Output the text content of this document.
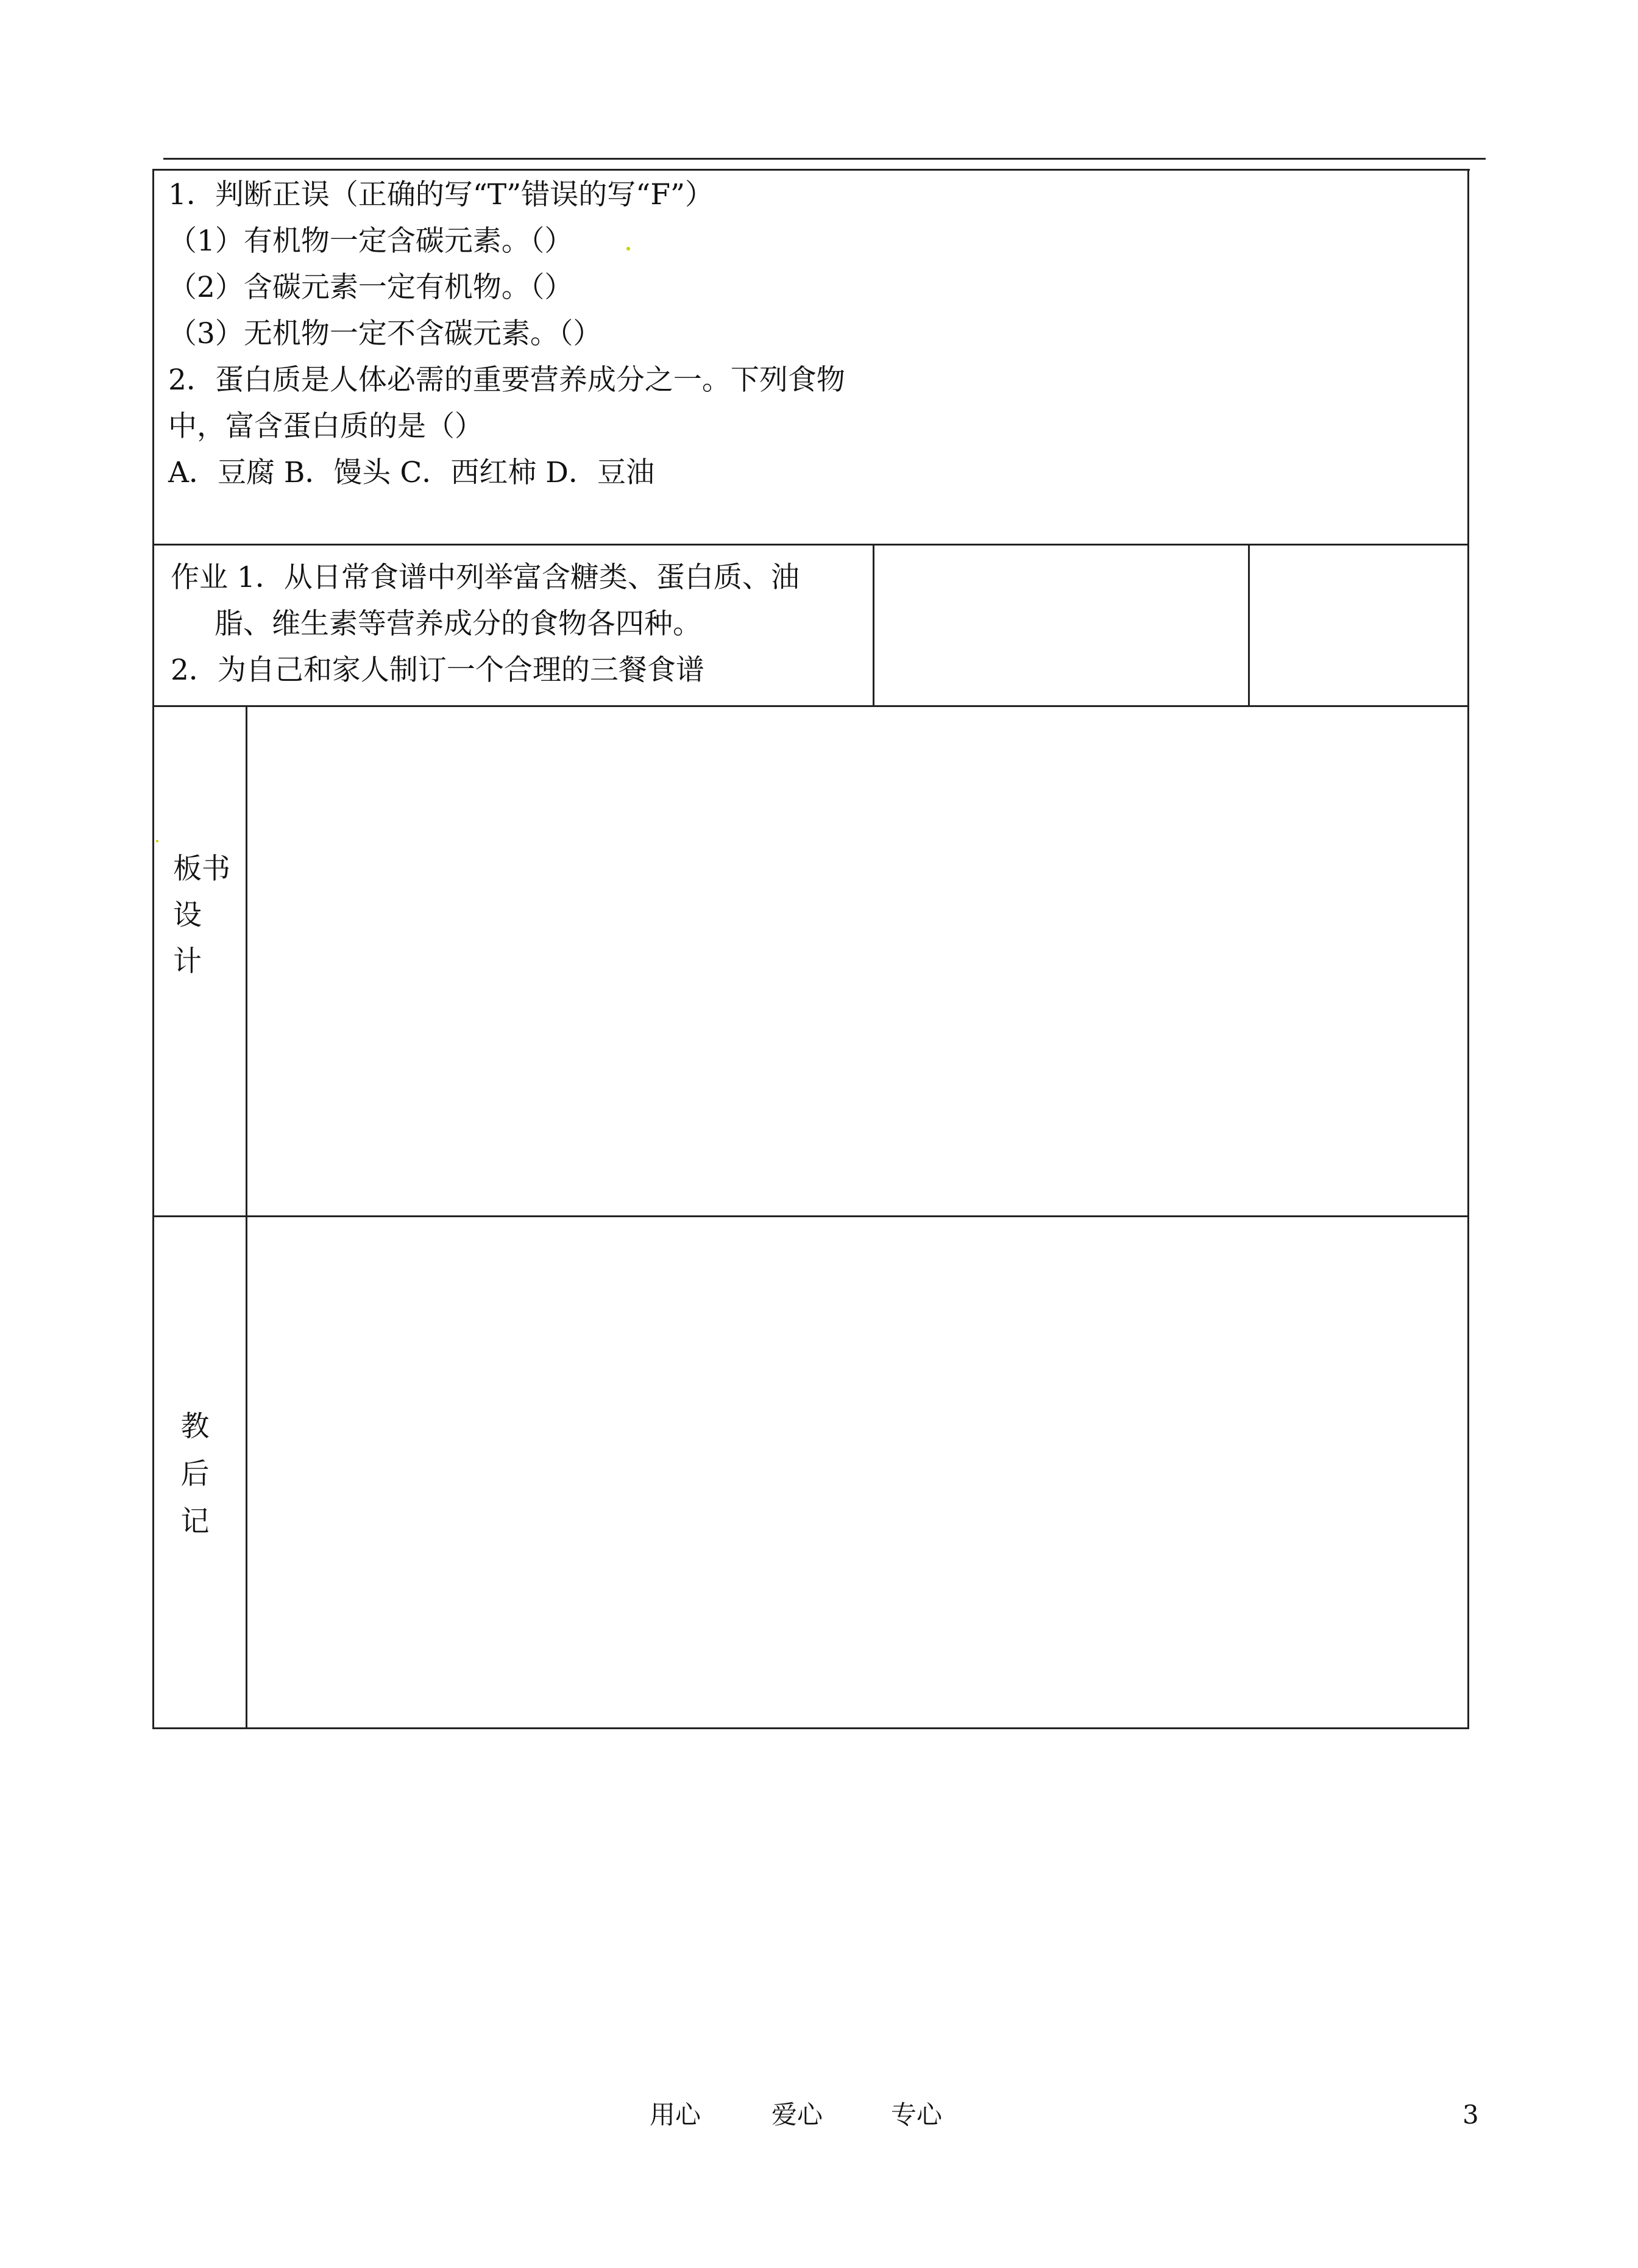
1．判断正误（正确的写“T”错误的写“F”）
（1）有机物一定含碳元素。（）
（2）含碳元素一定有机物。（）
（3）无机物一定不含碳元素。（）
2．蛋白质是人体必需的重要营养成分之一。下列食物
中，富含蛋白质的是（）
A．豆腐 B．馒头 C．西红柿 D．豆油
作业 1．从日常食谱中列举富含糖类、蛋白质、油
脂、维生素等营养成分的食物各四种。
2．为自己和家人制订一个合理的三餐食谱
板书
设
计
教
后
记
用心	爱心	专心	3
